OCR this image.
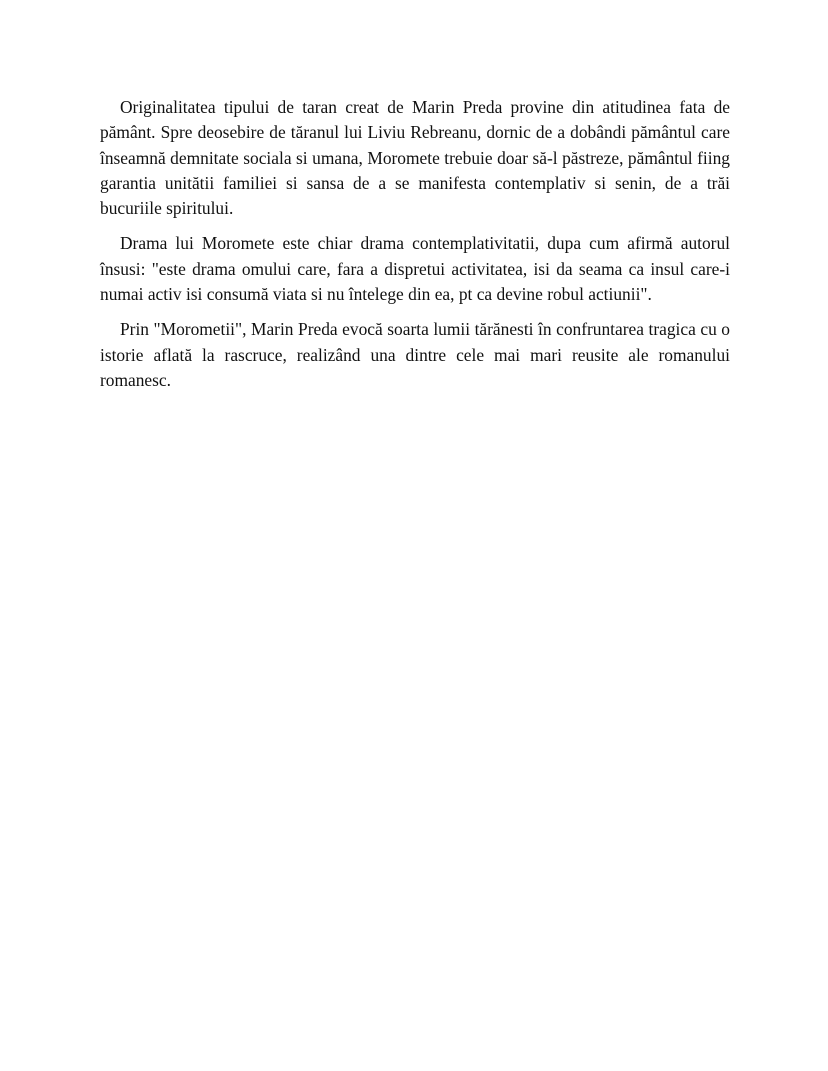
Originalitatea tipului de taran creat de Marin Preda provine din atitudinea fata de pământ. Spre deosebire de tăranul lui Liviu Rebreanu, dornic de a dobândi pământul care înseamnă demnitate sociala si umana, Moromete trebuie doar să-l păstreze, pământul fiing garantia unitătii familiei si sansa de a se manifesta contemplativ si senin, de a trăi bucuriile spiritului.

Drama lui Moromete este chiar drama contemplativitatii, dupa cum afirmă autorul însusi: "este drama omului care, fara a dispretui activitatea, isi da seama ca insul care-i numai activ isi consumă viata si nu întelege din ea, pt ca devine robul actiunii".

Prin "Morometii", Marin Preda evocă soarta lumii tărănesti în confruntarea tragica cu o istorie aflată la rascruce, realizând una dintre cele mai mari reusite ale romanului romanesc.
